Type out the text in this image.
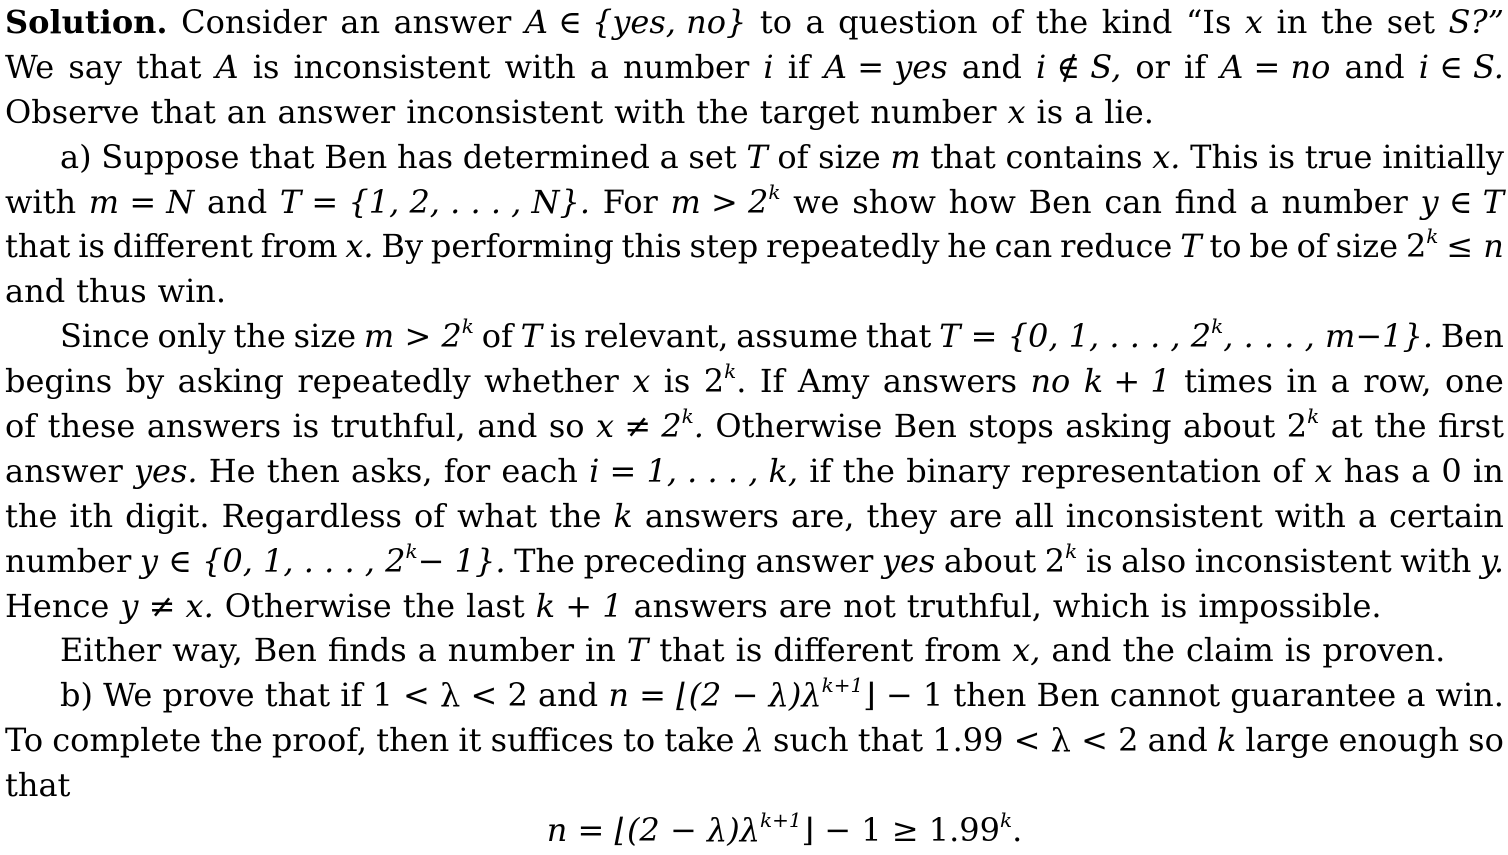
Solution. Consider an answer A ∈ {yes, no} to a question of the kind “Is x in the set S?”
We say that A is inconsistent with a number i if A = yes and i ∉ S, or if A = no and i ∈ S.
Observe that an answer inconsistent with the target number x is a lie.
a) Suppose that Ben has determined a set T of size m that contains x. This is true initially
with m = N and T = {1, 2, . . . , N}. For $m > 2^k$ we show how Ben can find a number y ∈ T
that is different from x. By performing this step repeatedly he can reduce T to be of size $2^k \le n$
and thus win.
Since only the size $m > 2^k$ of T is relevant, assume that T = {0, 1, . . . , 2$^k$, . . . , m−1}. Ben
begins by asking repeatedly whether x is 2$^k$. If Amy answers no k + 1 times in a row, one
of these answers is truthful, and so $x \ne 2^k$. Otherwise Ben stops asking about 2$^k$ at the first
answer yes. He then asks, for each i = 1, . . . , k, if the binary representation of x has a 0 in
the ith digit. Regardless of what the k answers are, they are all inconsistent with a certain
number y ∈ {0, 1, . . . , $2^k- 1$}. The preceding answer yes about 2$^k$ is also inconsistent with y.
Hence y ≠ x. Otherwise the last k + 1 answers are not truthful, which is impossible.
Either way, Ben finds a number in T that is different from x, and the claim is proven.
b) We prove that if 1 < λ < 2 and n = ⌊(2 − $\lambda)\lambda^{k+1}⌋ - 1$ then Ben cannot guarantee a win.
To complete the proof, then it suffices to take λ such that 1.99 < λ < 2 and k large enough so
that
n = ⌊(2 − $\lambda)\lambda^{k+1}⌋ - 1 \ge 1.99^k$.
